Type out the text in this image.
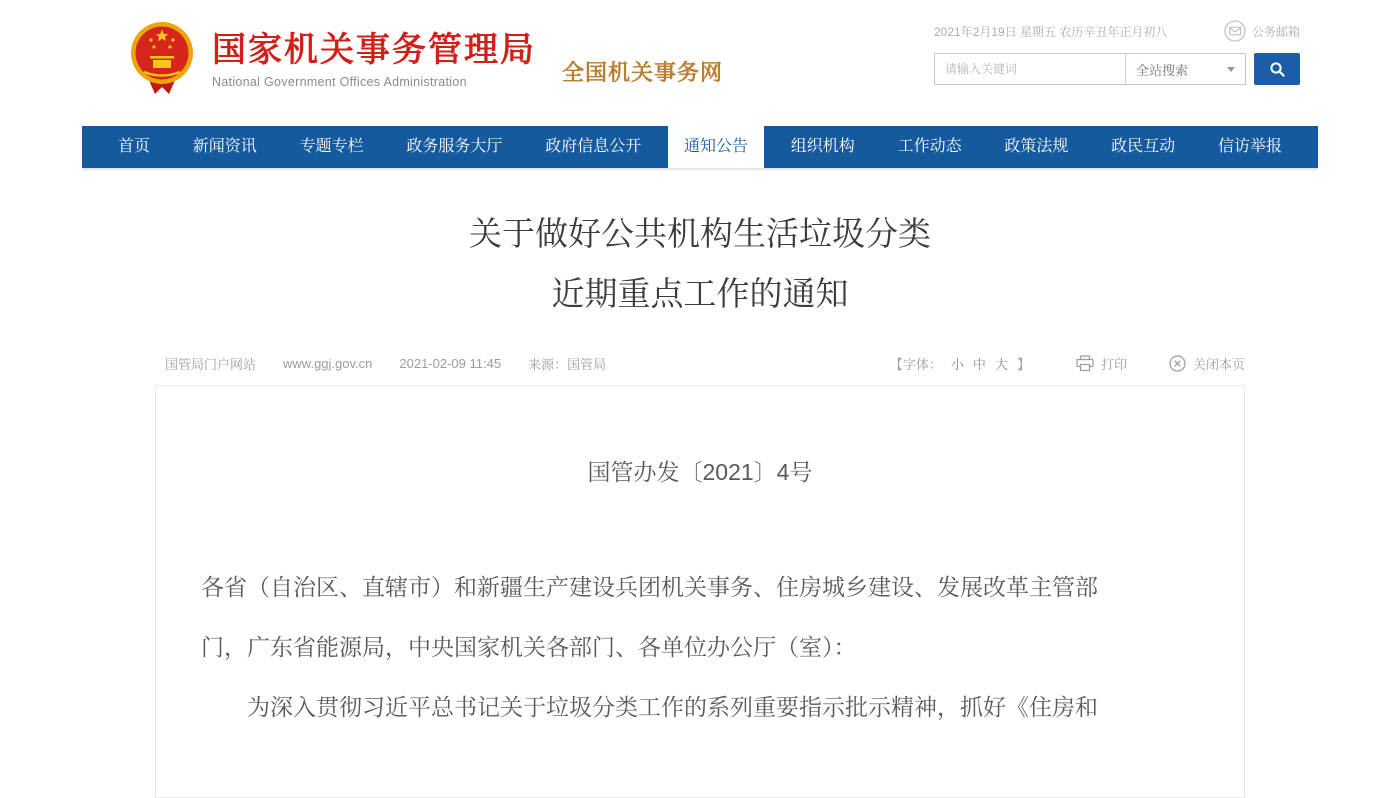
国家机关事务管理局
National Government Offices Administration	全国机关事务网
2021年2月19日 星期五 农历辛丑年正月初八	公务邮箱
请输入关键词
全站搜索
首页	新闻资讯	专题专栏	政务服务大厅	政府信息公开	通知公告	组织机构	工作动态	政策法规	政民互动	信访举报
关于做好公共机构生活垃圾分类
近期重点工作的通知
国管局门户网站 www.ggj.gov.cn 2021-02-09 11:45 来源：国管局	【字体： 小 中 大 】	打印	关闭本页
国管办发〔2021〕4号
各省（自治区、直辖市）和新疆生产建设兵团机关事务、住房城乡建设、发展改革主管部
门，广东省能源局，中央国家机关各部门、各单位办公厅（室）：
为深入贯彻习近平总书记关于垃圾分类工作的系列重要指示批示精神，抓好《住房和
